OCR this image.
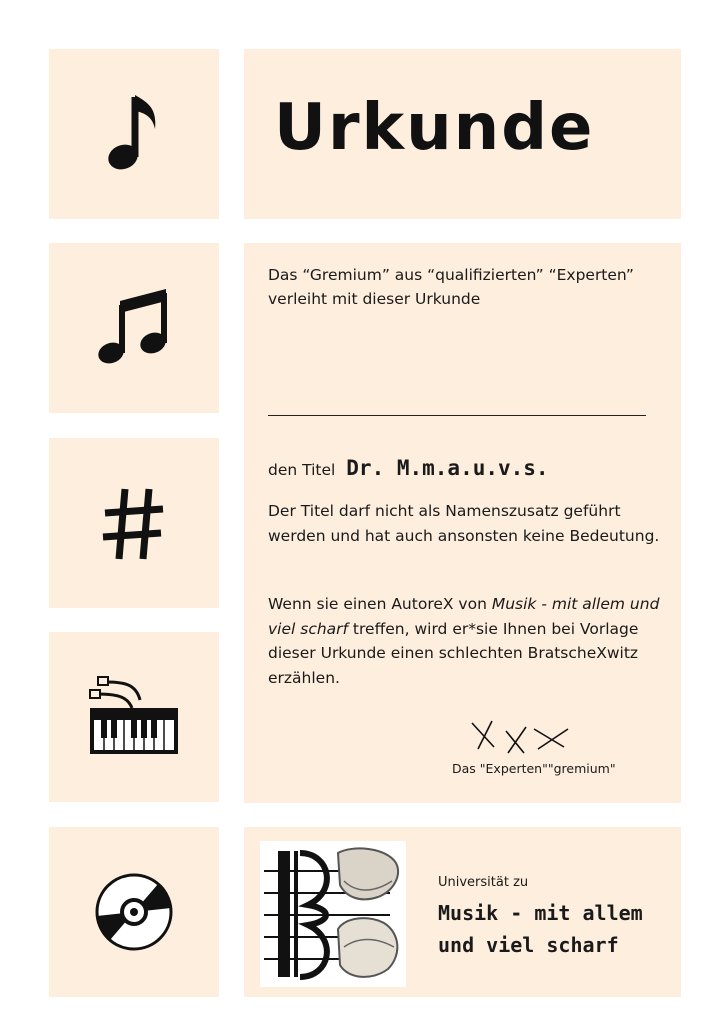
Urkunde
Das “Gremium” aus “qualifizierten” “Experten” verleiht mit dieser Urkunde
den Titel Dr. M.m.a.u.v.s.
Der Titel darf nicht als Namenszusatz geführt werden und hat auch ansonsten keine Bedeutung.
Wenn sie einen AutoreX von Musik - mit allem und viel scharf treffen, wird er*sie Ihnen bei Vorlage dieser Urkunde einen schlechten BratscheXwitz erzählen.
Das "Experten""gremium"
Universität zu
Musik - mit allem und viel scharf
